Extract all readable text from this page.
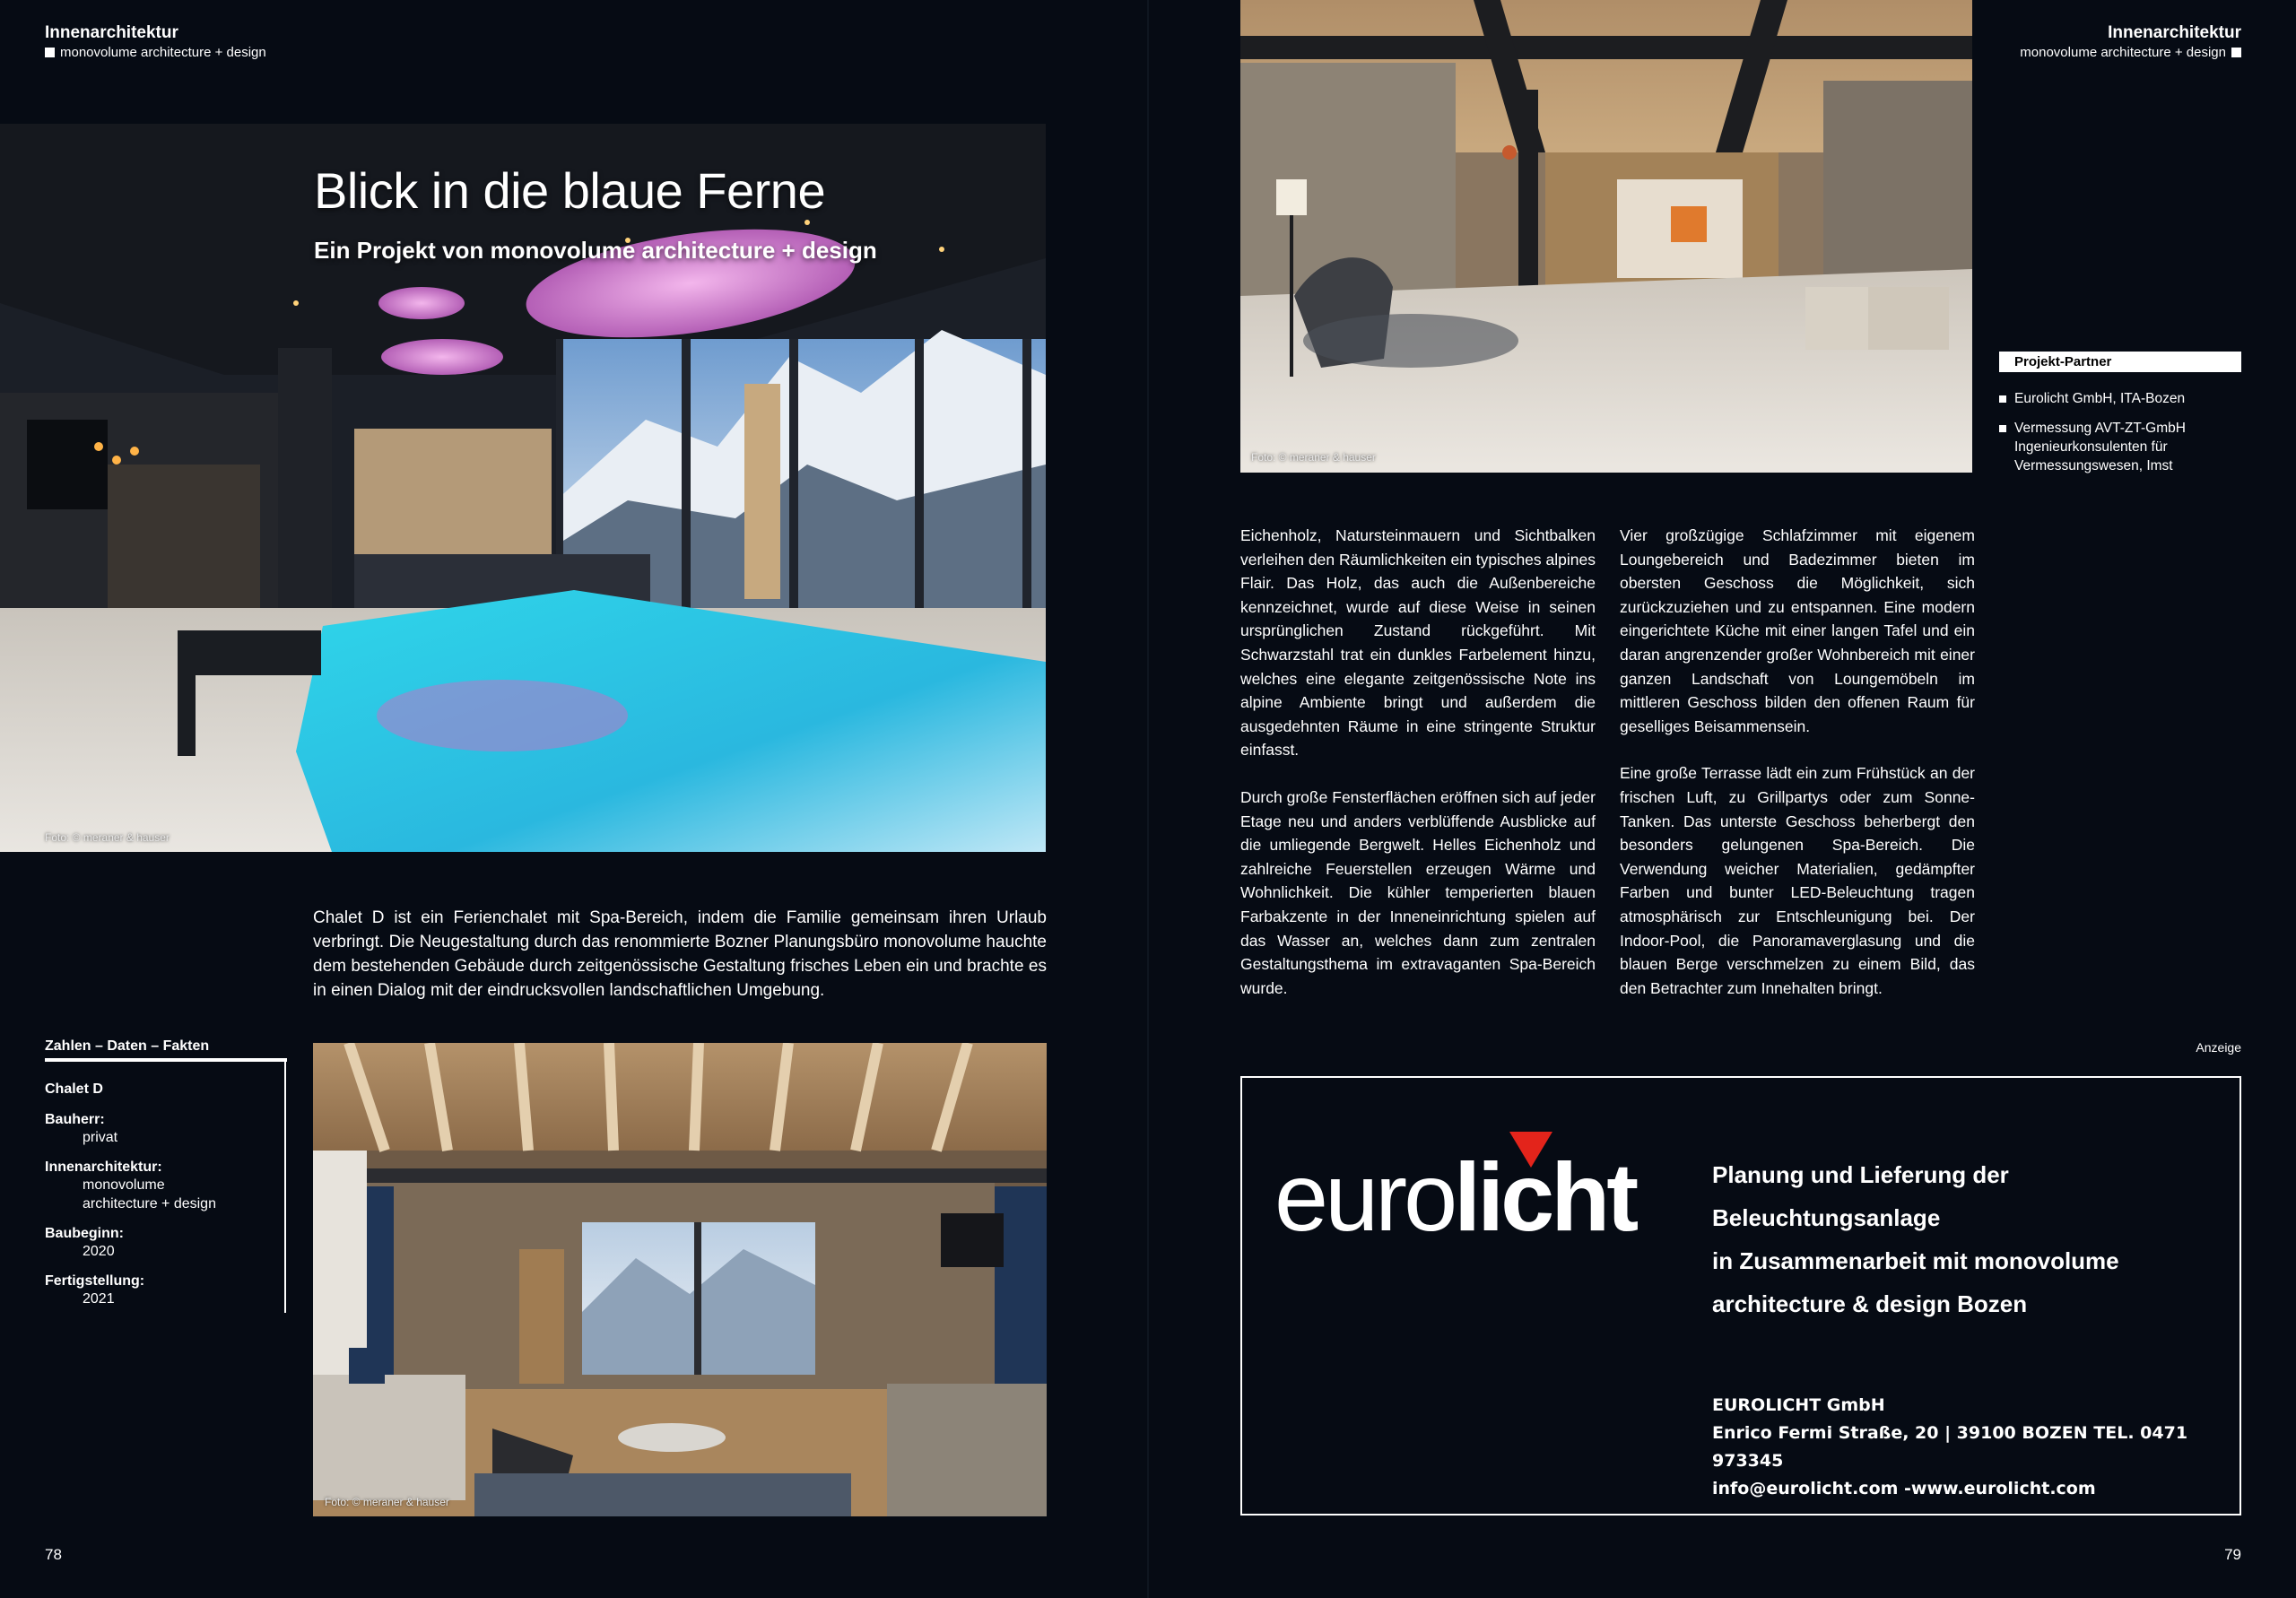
Innenarchitektur
monovolume architecture + design
Foto: © meraner & hauser
Blick in die blaue Ferne
Ein Projekt von monovolume architecture + design

Chalet D ist ein Ferienchalet mit Spa-Bereich, indem die Familie gemeinsam ihren Urlaub verbringt. Die Neugestaltung durch das renommierte Bozner Planungsbüro monovolume hauchte dem bestehenden Gebäude durch zeitgenössische Gestaltung frisches Leben ein und brachte es in einen Dialog mit der eindrucksvollen landschaftlichen Umgebung.

Zahlen – Daten – Fakten
Chalet D
Bauherr:
privat
Innenarchitektur:
monovolume
architecture + design
Baubeginn:
2020
Fertigstellung:
2021
Foto: © meraner & hauser
78
Innenarchitektur
monovolume architecture + design
Foto: © meraner & hauser
Projekt-Partner
Eurolicht GmbH, ITA-Bozen
Vermessung AVT-ZT-GmbH Ingenieurkonsulenten für Vermessungswesen, Imst

Eichenholz, Natursteinmauern und Sichtbalken verleihen den Räumlichkeiten ein typisches alpines Flair. Das Holz, das auch die Außenbereiche kennzeichnet, wurde auf diese Weise in seinen ursprünglichen Zustand rückgeführt. Mit Schwarzstahl trat ein dunkles Farbelement hinzu, welches eine elegante zeitgenössische Note ins alpine Ambiente bringt und außerdem die ausgedehnten Räume in eine stringente Struktur einfasst.

Durch große Fensterflächen eröffnen sich auf jeder Etage neu und anders verblüffende Ausblicke auf die umliegende Bergwelt. Helles Eichenholz und zahlreiche Feuerstellen erzeugen Wärme und Wohnlichkeit. Die kühler temperierten blauen Farbakzente in der Inneneinrichtung spielen auf das Wasser an, welches dann zum zentralen Gestaltungsthema im extravaganten Spa-Bereich wurde.

Vier großzügige Schlafzimmer mit eigenem Loungebereich und Badezimmer bieten im obersten Geschoss die Möglichkeit, sich zurückzuziehen und zu entspannen. Eine modern eingerichtete Küche mit einer langen Tafel und ein daran angrenzender großer Wohnbereich mit einer ganzen Landschaft von Loungemöbeln im mittleren Geschoss bilden den offenen Raum für geselliges Beisammensein.

Eine große Terrasse lädt ein zum Frühstück an der frischen Luft, zu Grillpartys oder zum Sonne-Tanken. Das unterste Geschoss beherbergt den besonders gelungenen Spa-Bereich. Die Verwendung weicher Materialien, gedämpfter Farben und bunter LED-Beleuchtung tragen atmosphärisch zur Entschleunigung bei. Der Indoor-Pool, die Panoramaverglasung und die blauen Berge verschmelzen zu einem Bild, das den Betrachter zum Innehalten bringt.

Anzeige
eurolicht	Planung und Lieferung der Beleuchtungsanlage
in Zusammenarbeit mit monovolume
architecture & design Bozen
EUROLICHT GmbH
Enrico Fermi Straße, 20 | 39100 BOZEN TEL. 0471 973345
info@eurolicht.com -www.eurolicht.com
79
